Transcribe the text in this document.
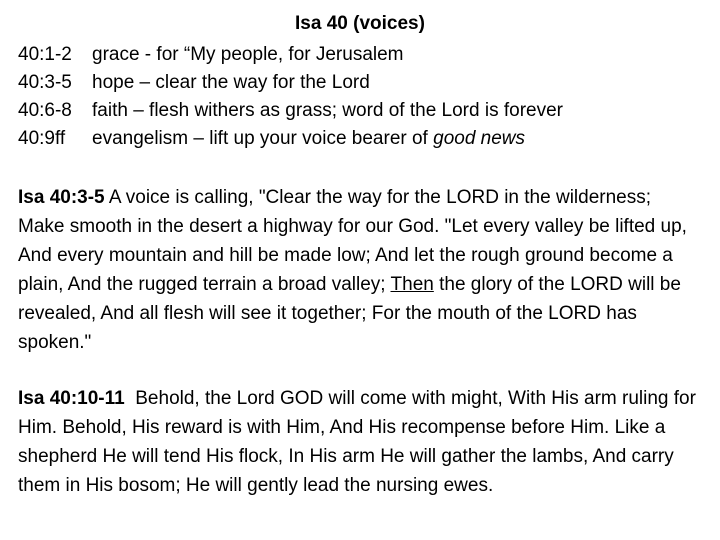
Isa 40 (voices)
40:1-2	grace - for “My people, for Jerusalem
40:3-5	hope – clear the way for the Lord
40:6-8	faith – flesh withers as grass; word of the Lord is forever
40:9ff	evangelism – lift up your voice bearer of good news

Isa 40:3-5 A voice is calling, "Clear the way for the LORD in the wilderness; Make smooth in the desert a highway for our God. "Let every valley be lifted up, And every mountain and hill be made low; And let the rough ground become a plain, And the rugged terrain a broad valley; Then the glory of the LORD will be revealed, And all flesh will see it together; For the mouth of the LORD has spoken."

Isa 40:10-11  Behold, the Lord GOD will come with might, With His arm ruling for Him. Behold, His reward is with Him, And His recompense before Him. Like a shepherd He will tend His flock, In His arm He will gather the lambs, And carry them in His bosom; He will gently lead the nursing ewes.
